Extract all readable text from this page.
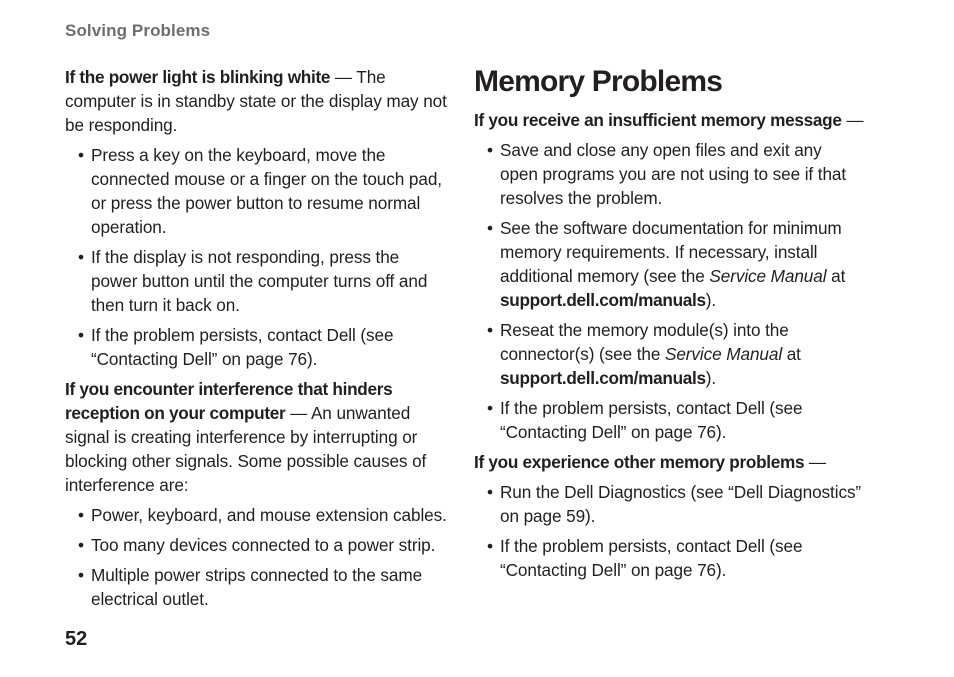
Solving Problems

If the power light is blinking white — The computer is in standby state or the display may not be responding.

• Press a key on the keyboard, move the connected mouse or a finger on the touch pad, or press the power button to resume normal operation.
• If the display is not responding, press the power button until the computer turns off and then turn it back on.
• If the problem persists, contact Dell (see “Contacting Dell” on page 76).

If you encounter interference that hinders reception on your computer — An unwanted signal is creating interference by interrupting or blocking other signals. Some possible causes of interference are:

• Power, keyboard, and mouse extension cables.
• Too many devices connected to a power strip.
• Multiple power strips connected to the same electrical outlet.
Memory Problems

If you receive an insufficient memory message —

• Save and close any open files and exit any open programs you are not using to see if that resolves the problem.
• See the software documentation for minimum memory requirements. If necessary, install additional memory (see the Service Manual at support.dell.com/manuals).
• Reseat the memory module(s) into the connector(s) (see the Service Manual at support.dell.com/manuals).
• If the problem persists, contact Dell (see “Contacting Dell” on page 76).

If you experience other memory problems —

• Run the Dell Diagnostics (see “Dell Diagnostics” on page 59).
• If the problem persists, contact Dell (see “Contacting Dell” on page 76).
52
